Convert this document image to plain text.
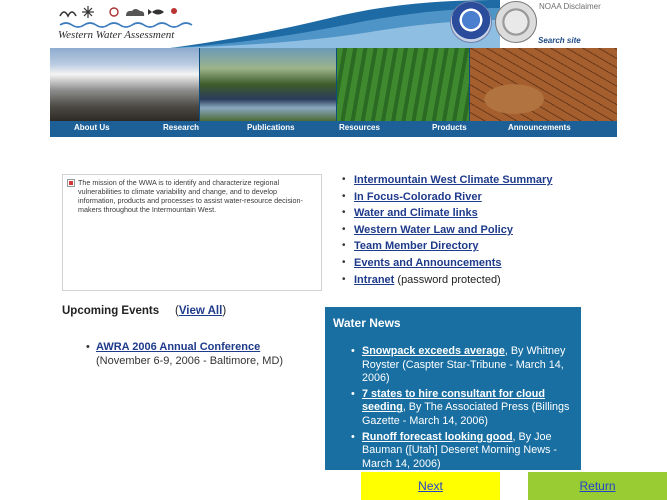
Western Water Assessment
NOAA Disclaimer
Search site
About Us	Research	Publications	Resources	Products	Announcements

The mission of the WWA is to identify and characterize regional vulnerabilities to climate variability and change, and to develop information, products and processes to assist water-resource decision-makers throughout the Intermountain West.

• Intermountain West Climate Summary
• In Focus-Colorado River
• Water and Climate links
• Western Water Law and Policy
• Team Member Directory
• Events and Announcements
• Intranet (password protected)
Upcoming Events (View All)
• AWRA 2006 Annual Conference
(November 6-9, 2006 - Baltimore, MD)
Water News
• Snowpack exceeds average, By Whitney Royster (Caspter Star-Tribune - March 14, 2006)
• 7 states to hire consultant for cloud seeding, By The Associated Press (Billings Gazette - March 14, 2006)
• Runoff forecast looking good, By Joe Bauman ([Utah] Deseret Morning News - March 14, 2006)
Next	Return
